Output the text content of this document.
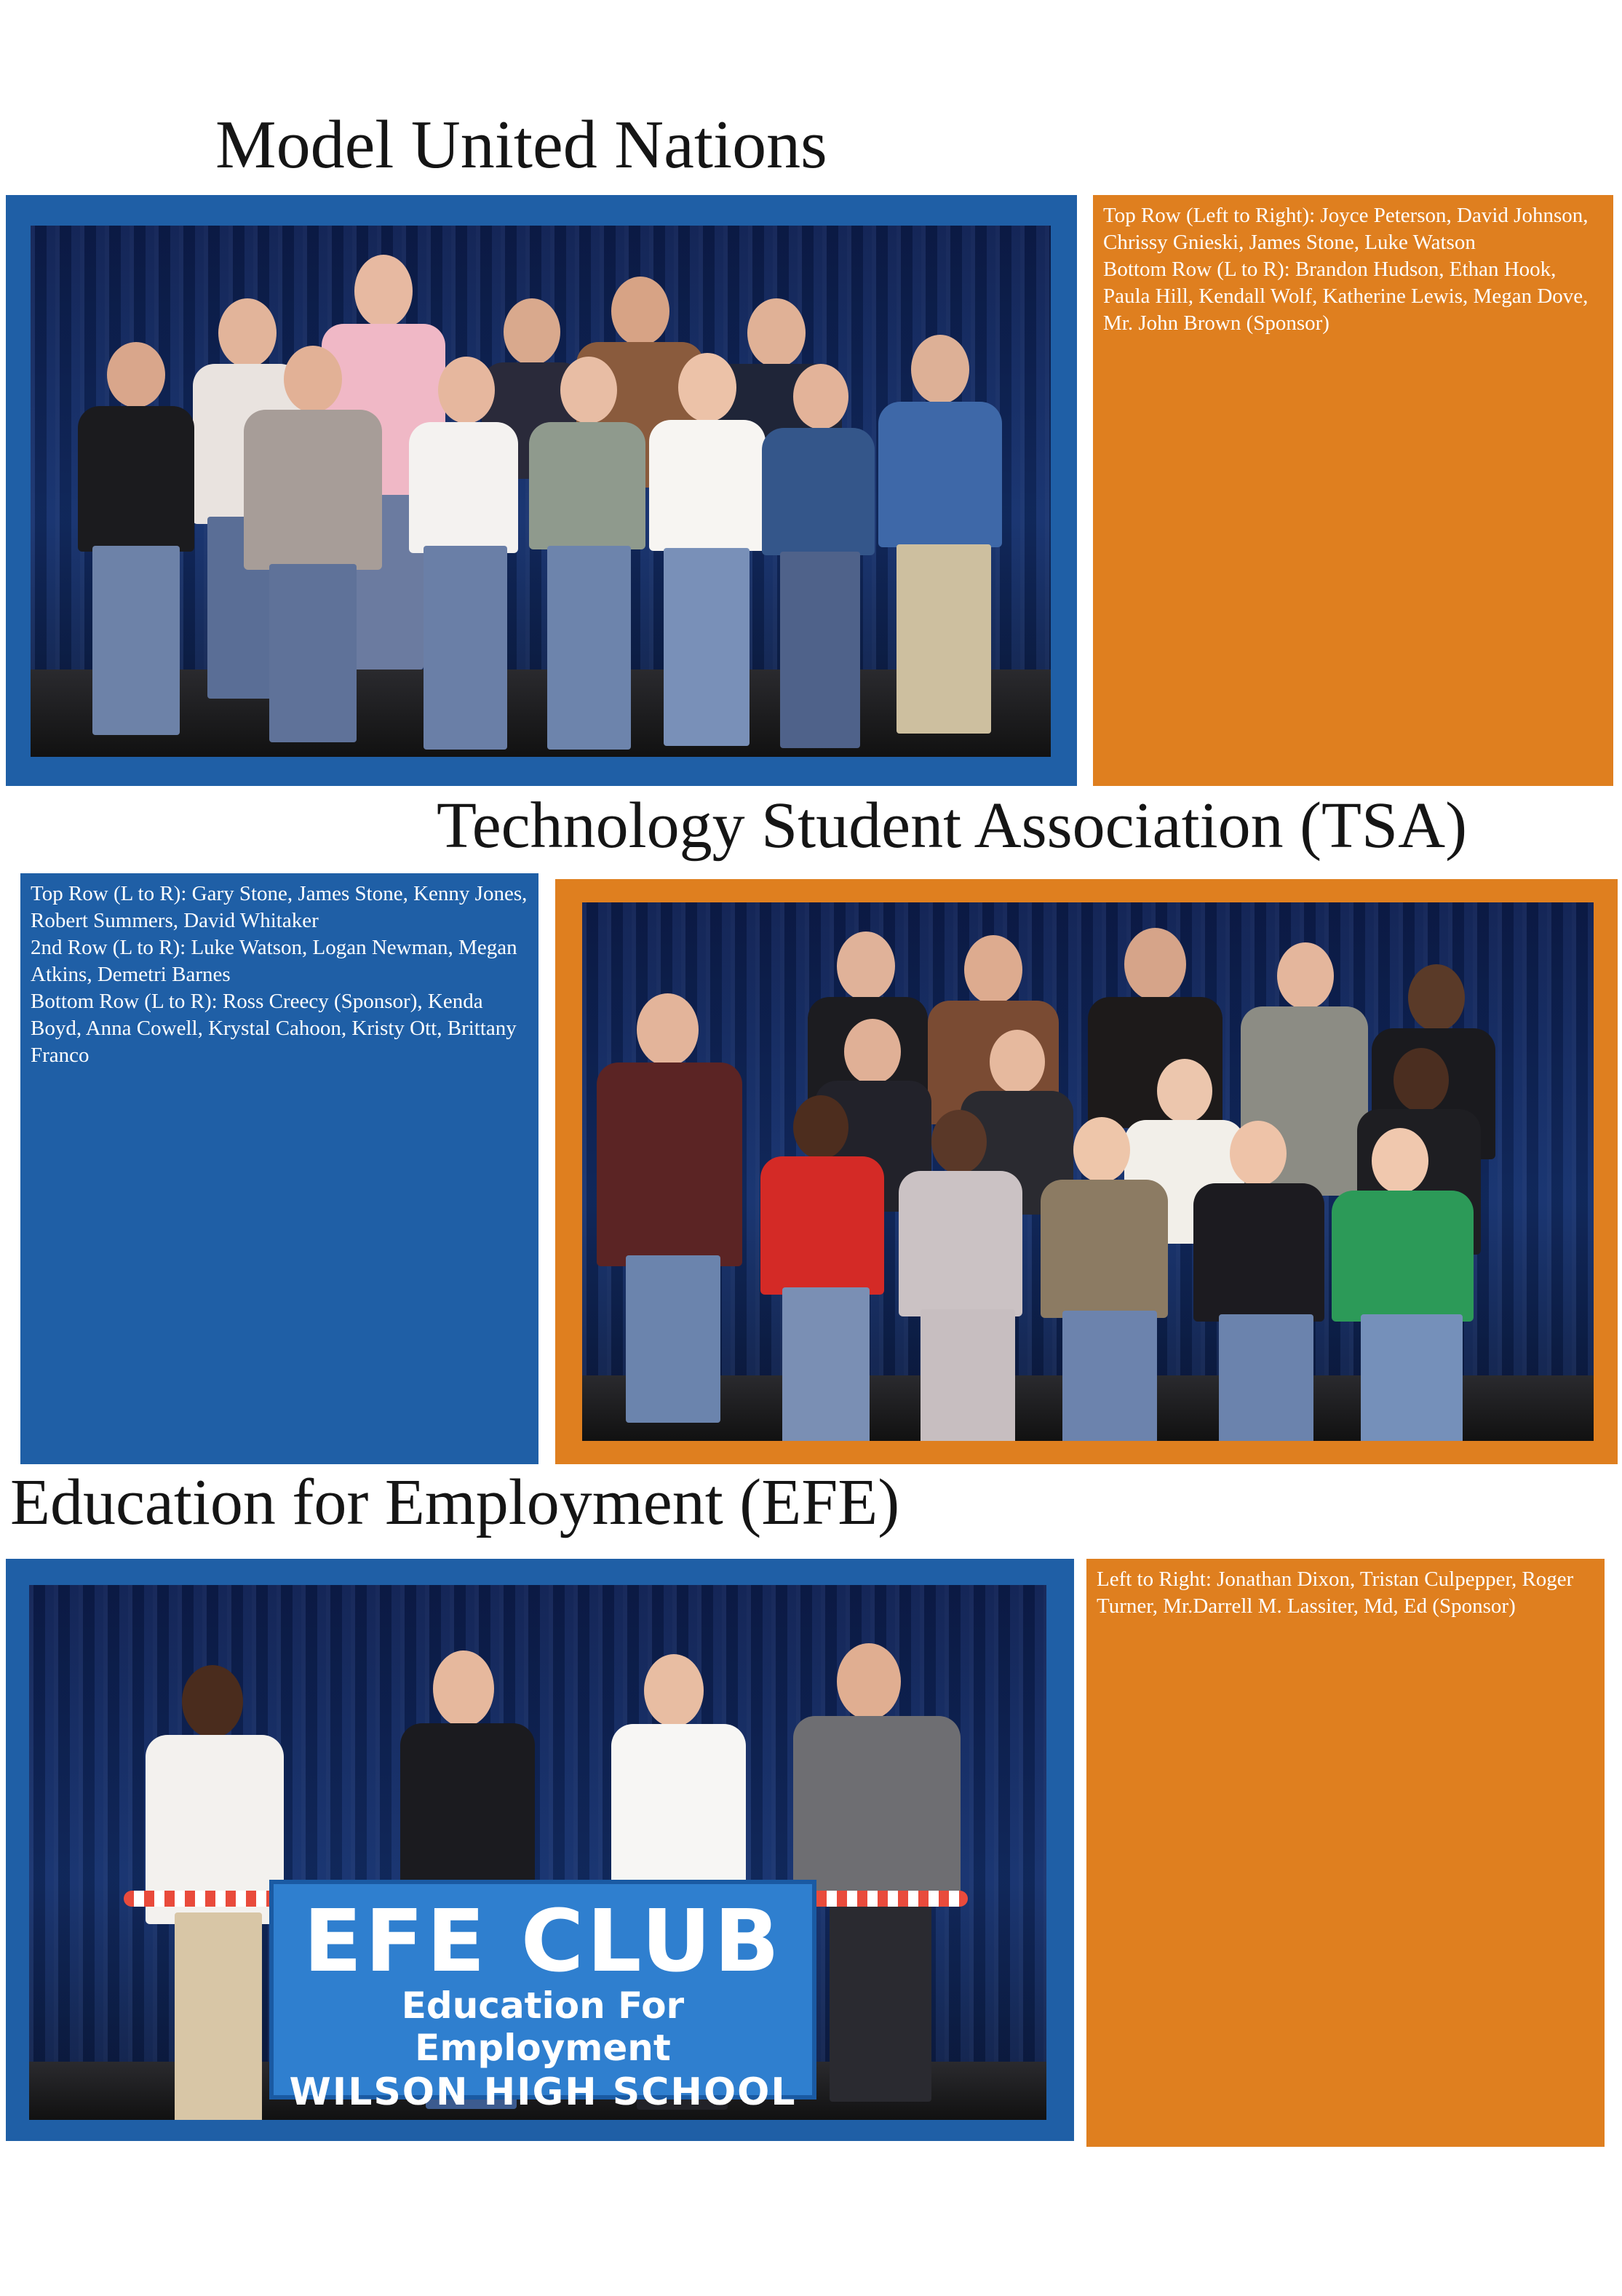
Model United Nations
Top Row (Left to Right): Joyce Peterson, David Johnson, Chrissy Gnieski, James Stone, Luke Watson
Bottom Row (L to R): Brandon Hudson, Ethan Hook, Paula Hill, Kendall Wolf, Katherine Lewis, Megan Dove, Mr. John Brown (Sponsor)
Technology Student Association (TSA)
Top Row (L to R): Gary Stone, James Stone, Kenny Jones, Robert Summers, David Whitaker
2nd Row (L to R): Luke Watson, Logan Newman, Megan Atkins, Demetri Barnes
Bottom Row (L to R): Ross Creecy (Sponsor), Kenda Boyd, Anna Cowell, Krystal Cahoon, Kristy Ott, Brittany Franco
Education for Employment (EFE)
EFE CLUB
Education For Employment
WILSON HIGH SCHOOL
Left to Right: Jonathan Dixon, Tristan Culpepper, Roger Turner, Mr.Darrell M. Lassiter, Md, Ed (Sponsor)
